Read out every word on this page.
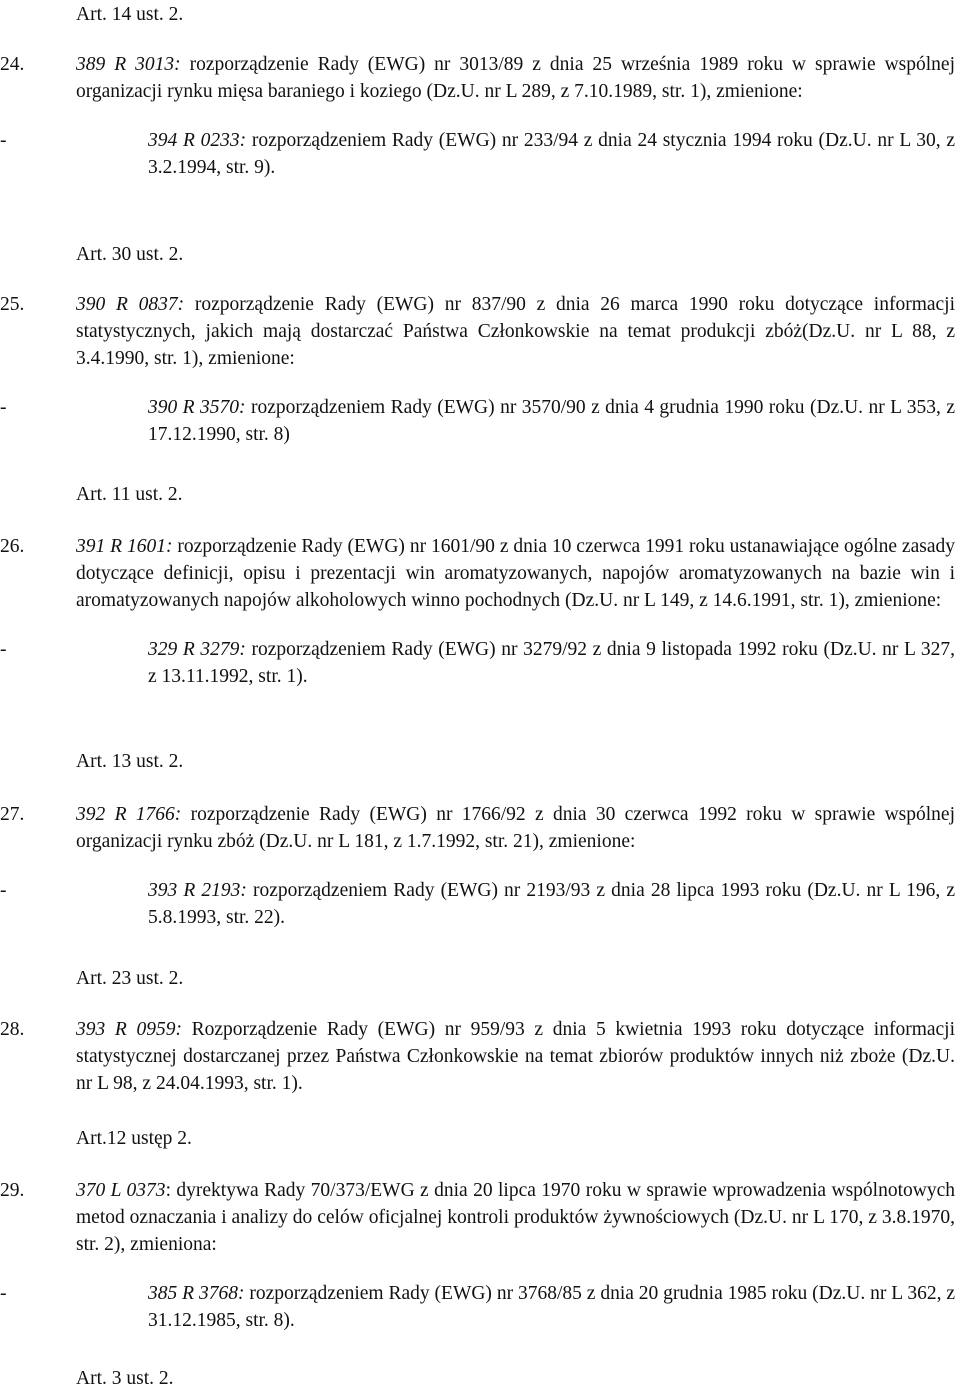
Art. 14 ust. 2.

24.	389 R 3013: rozporządzenie Rady (EWG) nr 3013/89 z dnia 25 września 1989 roku w sprawie wspólnej organizacji rynku mięsa baraniego i koziego (Dz.U. nr L 289, z 7.10.1989, str. 1), zmienione:

-	394 R 0233: rozporządzeniem Rady (EWG) nr 233/94 z dnia 24 stycznia 1994 roku (Dz.U. nr L 30, z 3.2.1994, str. 9).

Art. 30 ust. 2.

25.	390 R 0837: rozporządzenie Rady (EWG) nr 837/90 z dnia 26 marca 1990 roku dotyczące informacji statystycznych, jakich mają dostarczać Państwa Członkowskie na temat produkcji zbóż(Dz.U. nr L 88, z 3.4.1990, str. 1), zmienione:

-	390 R 3570: rozporządzeniem Rady (EWG) nr 3570/90 z dnia 4 grudnia 1990 roku (Dz.U. nr L 353, z 17.12.1990, str. 8)

Art. 11 ust. 2.

26.	391 R 1601: rozporządzenie Rady (EWG) nr 1601/90 z dnia 10 czerwca 1991 roku ustanawiające ogólne zasady dotyczące definicji, opisu i prezentacji win aromatyzowanych, napojów aromatyzowanych na bazie win i aromatyzowanych napojów alkoholowych winno pochodnych (Dz.U. nr L 149, z 14.6.1991, str. 1), zmienione:

-	329 R 3279: rozporządzeniem Rady (EWG) nr 3279/92 z dnia 9 listopada 1992 roku (Dz.U. nr L 327, z 13.11.1992, str. 1).

Art. 13 ust. 2.

27.	392 R 1766: rozporządzenie Rady (EWG) nr 1766/92 z dnia 30 czerwca 1992 roku w sprawie wspólnej organizacji rynku zbóż (Dz.U. nr L 181, z 1.7.1992, str. 21), zmienione:

-	393 R 2193: rozporządzeniem Rady (EWG) nr 2193/93 z dnia 28 lipca 1993 roku (Dz.U. nr L 196, z 5.8.1993, str. 22).

Art. 23 ust. 2.

28.	393 R 0959: Rozporządzenie Rady (EWG) nr 959/93 z dnia 5 kwietnia 1993 roku dotyczące informacji statystycznej dostarczanej przez Państwa Członkowskie na temat zbiorów produktów innych niż zboże (Dz.U. nr L 98, z 24.04.1993, str. 1).

Art.12 ustęp 2.

29.	370 L 0373: dyrektywa Rady 70/373/EWG z dnia 20 lipca 1970 roku w sprawie wprowadzenia wspólnotowych metod oznaczania i analizy do celów oficjalnej kontroli produktów żywnościowych (Dz.U. nr L 170, z 3.8.1970, str. 2), zmieniona:

-	385 R 3768: rozporządzeniem Rady (EWG) nr 3768/85 z dnia 20 grudnia 1985 roku (Dz.U. nr L 362, z 31.12.1985, str. 8).

Art. 3 ust. 2.
